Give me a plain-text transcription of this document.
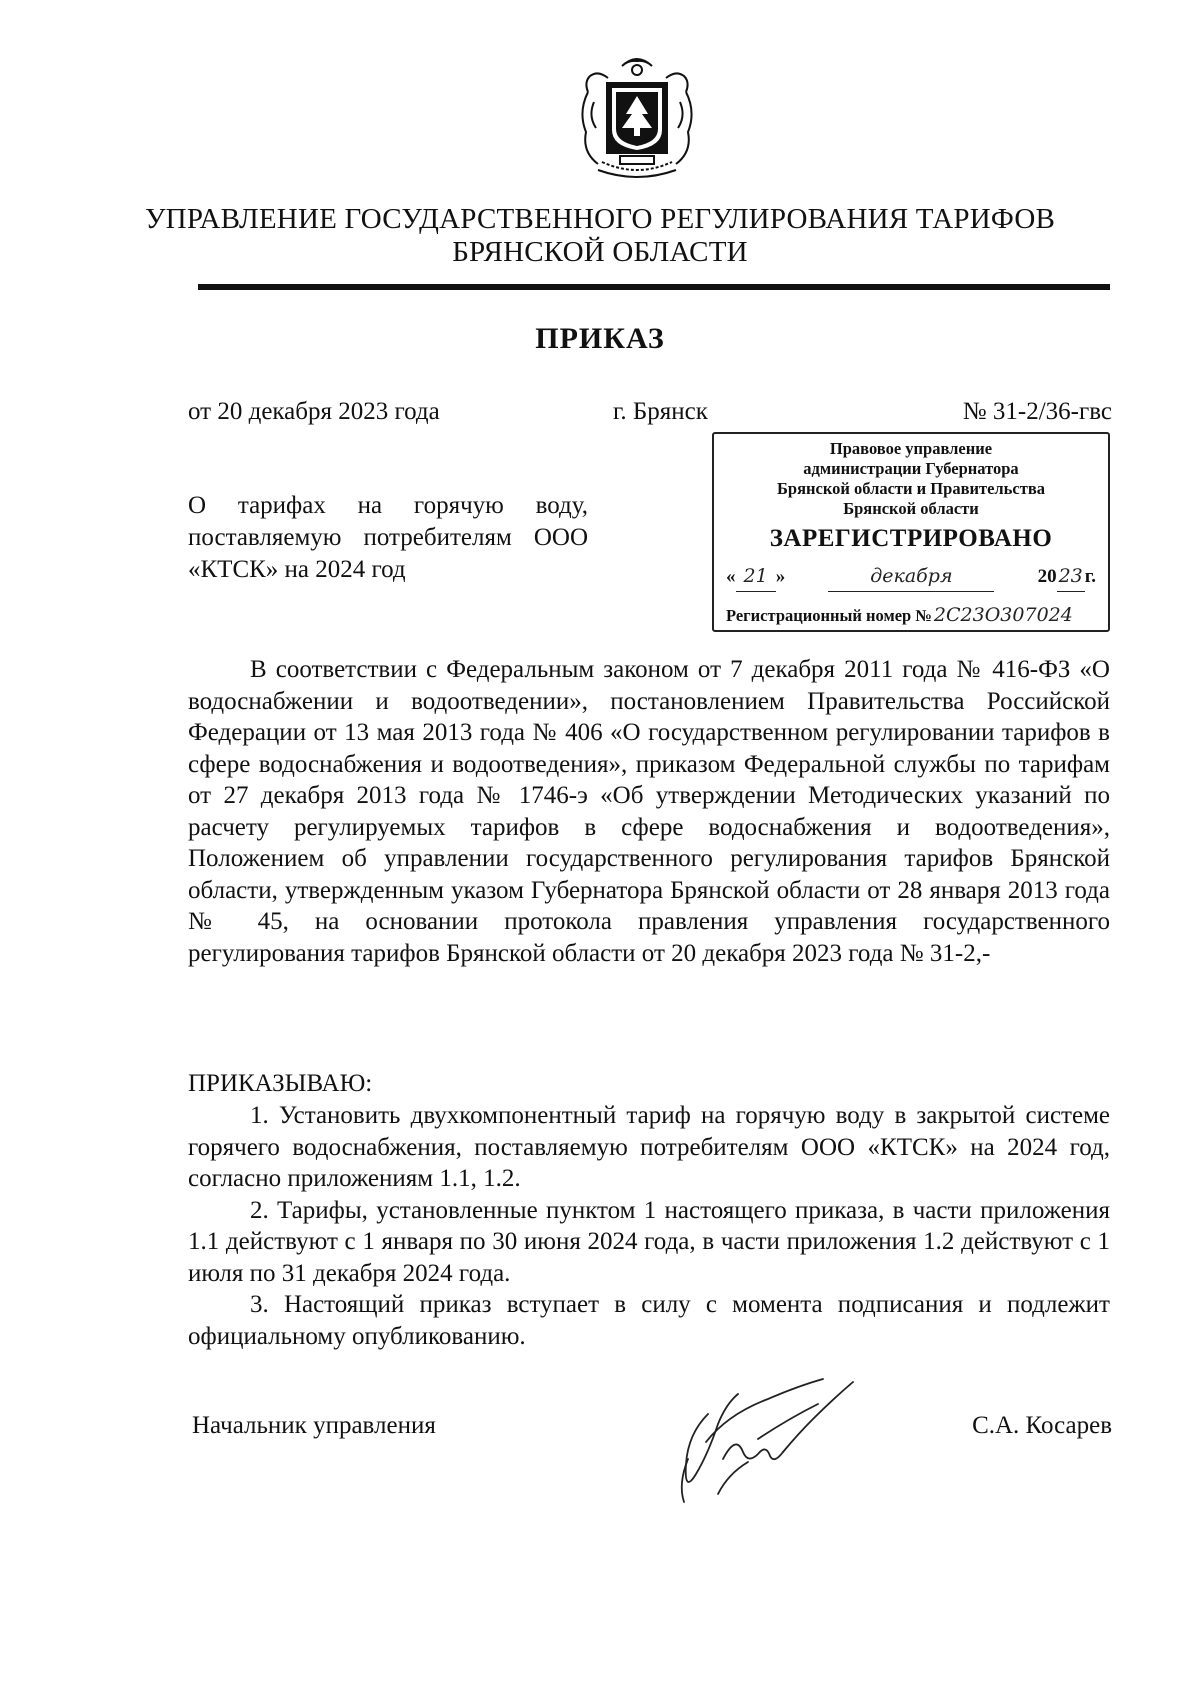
УПРАВЛЕНИЕ ГОСУДАРСТВЕННОГО РЕГУЛИРОВАНИЯ ТАРИФОВ
БРЯНСКОЙ ОБЛАСТИ
ПРИКАЗ
от 20 декабря 2023 года	г. Брянск	№ 31-2/36-гвс
Правовое управление
администрации Губернатора
Брянской области и Правительства
Брянской области
ЗАРЕГИСТРИРОВАНО
« 21 »	декабря	20 23 г.
Регистрационный номер № 2С23О307024
О тарифах на горячую воду, поставляемую потребителям ООО «КТСК» на 2024 год
В соответствии с Федеральным законом от 7 декабря 2011 года № 416-ФЗ «О водоснабжении и водоотведении», постановлением Правительства Российской Федерации от 13 мая 2013 года № 406 «О государственном регулировании тарифов в сфере водоснабжения и водоотведения», приказом Федеральной службы по тарифам от 27 декабря 2013 года № 1746-э «Об утверждении Методических указаний по расчету регулируемых тарифов в сфере водоснабжения и водоотведения», Положением об управлении государственного регулирования тарифов Брянской области, утвержденным указом Губернатора Брянской области от 28 января 2013 года № 45, на основании протокола правления управления государственного регулирования тарифов Брянской области от 20 декабря 2023 года № 31-2,-
ПРИКАЗЫВАЮ:

1. Установить двухкомпонентный тариф на горячую воду в закрытой системе горячего водоснабжения, поставляемую потребителям ООО «КТСК» на 2024 год, согласно приложениям 1.1, 1.2.

2. Тарифы, установленные пунктом 1 настоящего приказа, в части приложения 1.1 действуют с 1 января по 30 июня 2024 года, в части приложения 1.2 действуют с 1 июля по 31 декабря 2024 года.

3. Настоящий приказ вступает в силу с момента подписания и подлежит официальному опубликованию.

Начальник управления	С.А. Косарев
